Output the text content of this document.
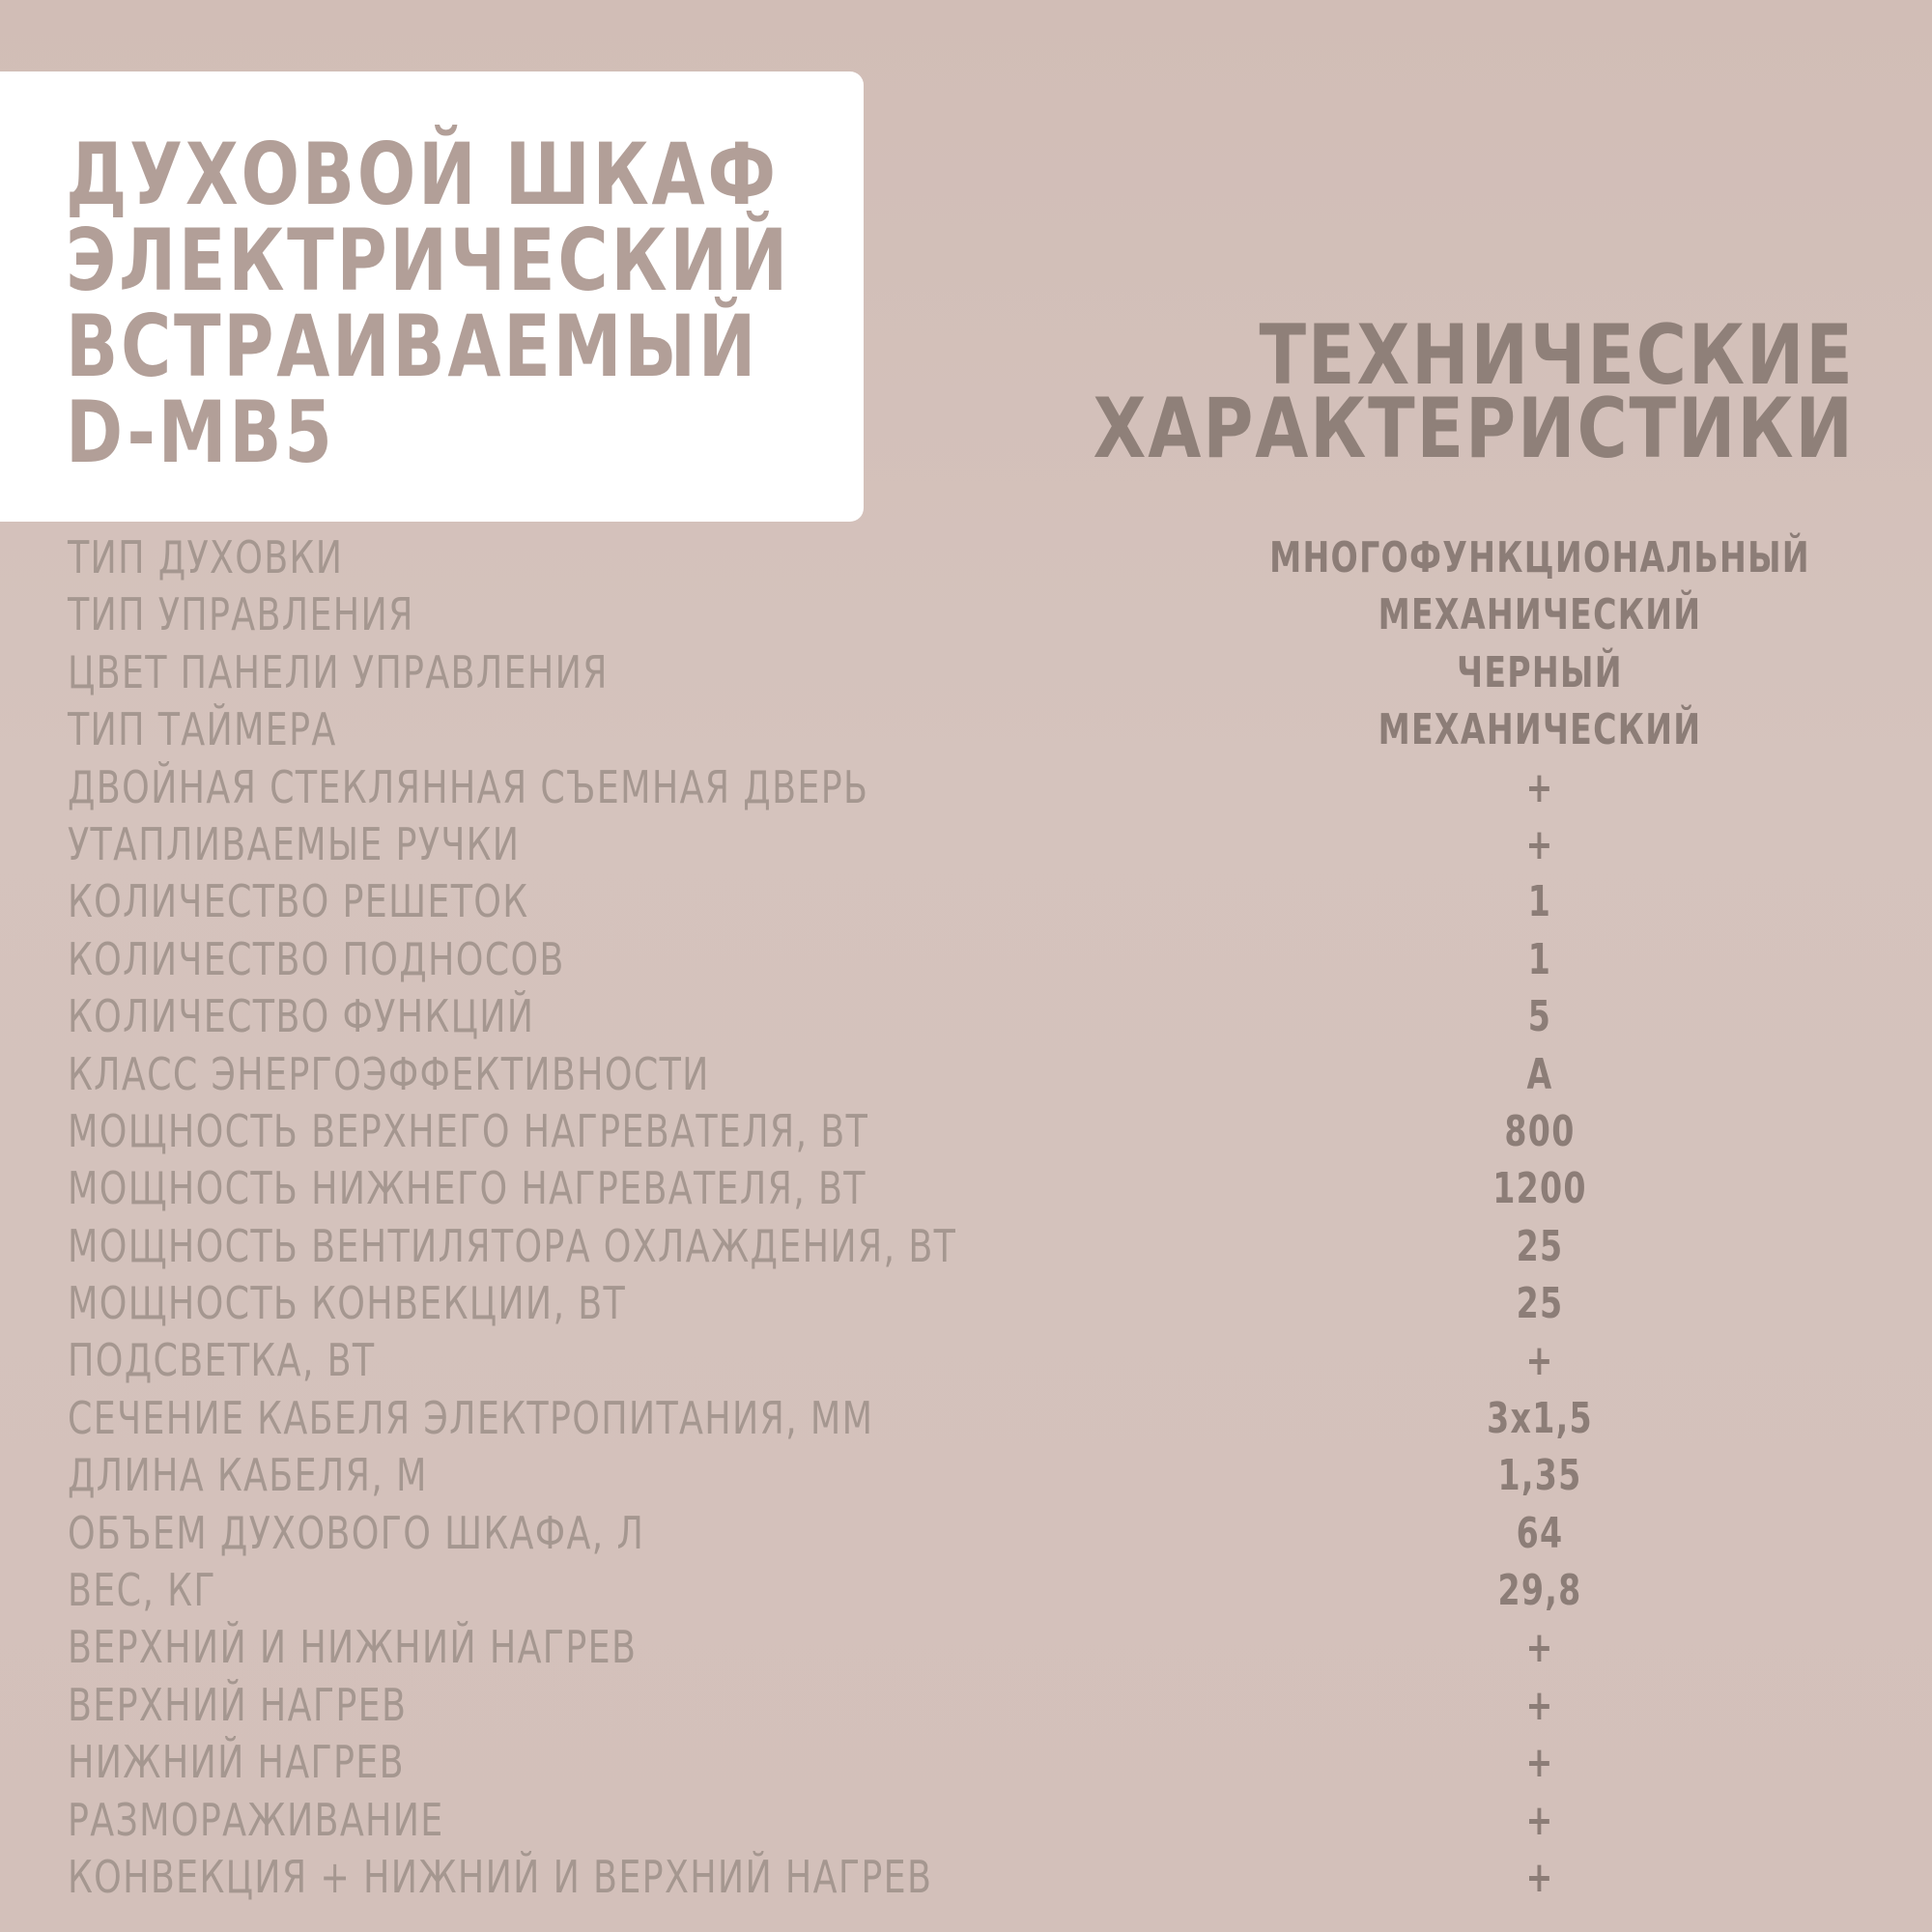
ДУХОВОЙ ШКАФ
ЭЛЕКТРИЧЕСКИЙ
ВСТРАИВАЕМЫЙ
D-MB5
ТЕХНИЧЕСКИЕ
ХАРАКТЕРИСТИКИ
ТИП ДУХОВКИ	МНОГОФУНКЦИОНАЛЬНЫЙ
ТИП УПРАВЛЕНИЯ	МЕХАНИЧЕСКИЙ
ЦВЕТ ПАНЕЛИ УПРАВЛЕНИЯ	ЧЕРНЫЙ
ТИП ТАЙМЕРА	МЕХАНИЧЕСКИЙ
ДВОЙНАЯ СТЕКЛЯННАЯ СЪЕМНАЯ ДВЕРЬ	+
УТАПЛИВАЕМЫЕ РУЧКИ	+
КОЛИЧЕСТВО РЕШЕТОК	1
КОЛИЧЕСТВО ПОДНОСОВ	1
КОЛИЧЕСТВО ФУНКЦИЙ	5
КЛАСС ЭНЕРГОЭФФЕКТИВНОСТИ	А
МОЩНОСТЬ ВЕРХНЕГО НАГРЕВАТЕЛЯ, ВТ	800
МОЩНОСТЬ НИЖНЕГО НАГРЕВАТЕЛЯ, ВТ	1200
МОЩНОСТЬ ВЕНТИЛЯТОРА ОХЛАЖДЕНИЯ, ВТ	25
МОЩНОСТЬ КОНВЕКЦИИ, ВТ	25
ПОДСВЕТКА, ВТ	+
СЕЧЕНИЕ КАБЕЛЯ ЭЛЕКТРОПИТАНИЯ, ММ	3х1,5
ДЛИНА КАБЕЛЯ, М	1,35
ОБЪЕМ ДУХОВОГО ШКАФА, Л	64
ВЕС, КГ	29,8
ВЕРХНИЙ И НИЖНИЙ НАГРЕВ	+
ВЕРХНИЙ НАГРЕВ	+
НИЖНИЙ НАГРЕВ	+
РАЗМОРАЖИВАНИЕ	+
КОНВЕКЦИЯ + НИЖНИЙ И ВЕРХНИЙ НАГРЕВ	+
